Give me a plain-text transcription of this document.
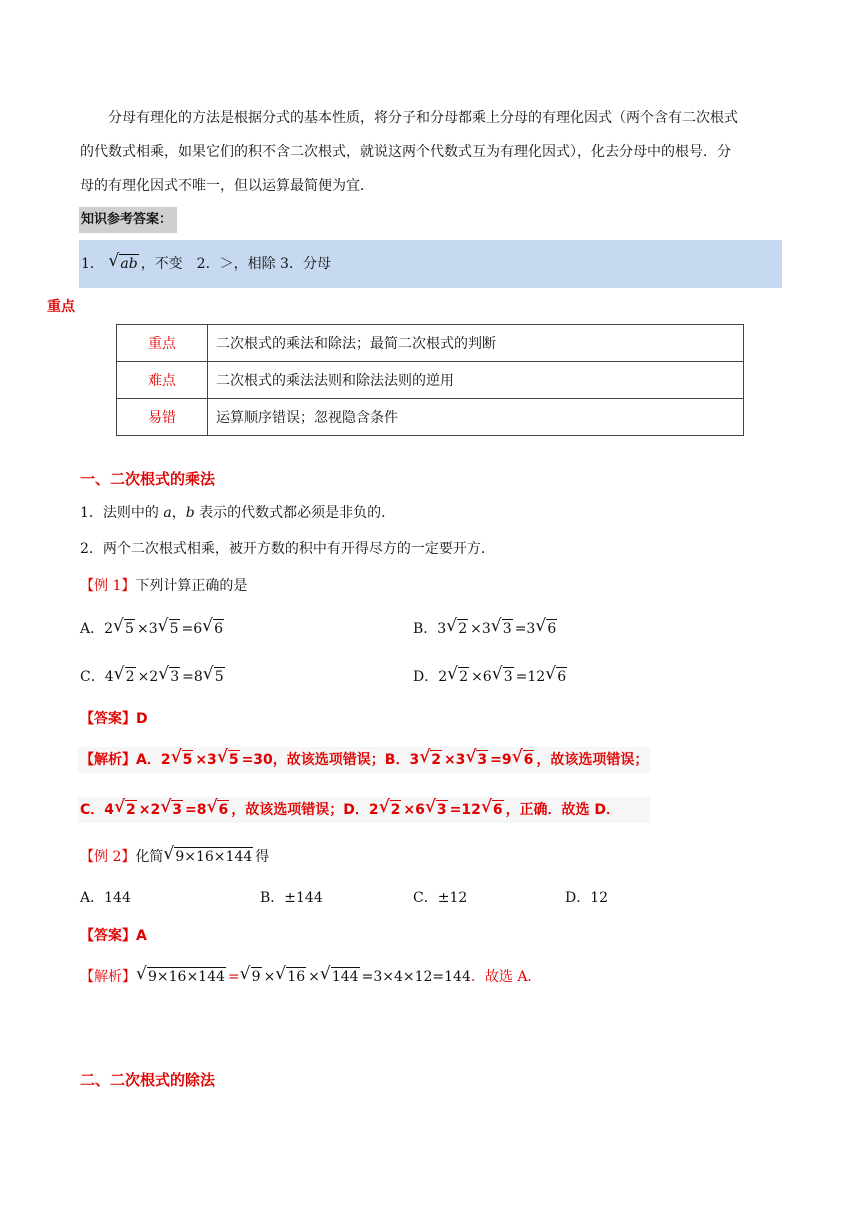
分母有理化的方法是根据分式的基本性质，将分子和分母都乘上分母的有理化因式（两个含有二次根式
的代数式相乘，如果它们的积不含二次根式，就说这两个代数式互为有理化因式），化去分母中的根号．分
母的有理化因式不唯一，但以运算最简便为宜．
知识参考答案：
1． √ ab ，不变　2．＞，相除 3．分母
重点
重点	二次根式的乘法和除法；最简二次根式的判断
难点	二次根式的乘法法则和除法法则的逆用
易错	运算顺序错误；忽视隐含条件
一、二次根式的乘法
1．法则中的 a，b 表示的代数式都必须是非负的．
2．两个二次根式相乘，被开方数的积中有开得尽方的一定要开方．
【例 1】下列计算正确的是
A．2 √ 5 ×3 √ 5 =6 √ 6	B．3 √ 2 ×3 √ 3 =3 √ 6
C．4 √ 2 ×2 √ 3 =8 √ 5	D．2 √ 2 ×6 √ 3 =12 √ 6
【答案】D
【解析】A．2 √ 5 ×3 √ 5 =30，故该选项错误；B．3 √ 2 ×3 √ 3 =9 √ 6 ，故该选项错误；
C．4 √ 2 ×2 √ 3 =8 √ 6 ，故该选项错误；D．2 √ 2 ×6 √ 3 =12 √ 6 ，正确．故选 D．
【例 2】化简 √ 9×16×144 得
A．144	B．±144	C．±12	D．12
【答案】A
【解析】 √ 9×16×144 = √ 9 × √ 16 × √ 144 =3×4×12=144．故选 A．
二、二次根式的除法
